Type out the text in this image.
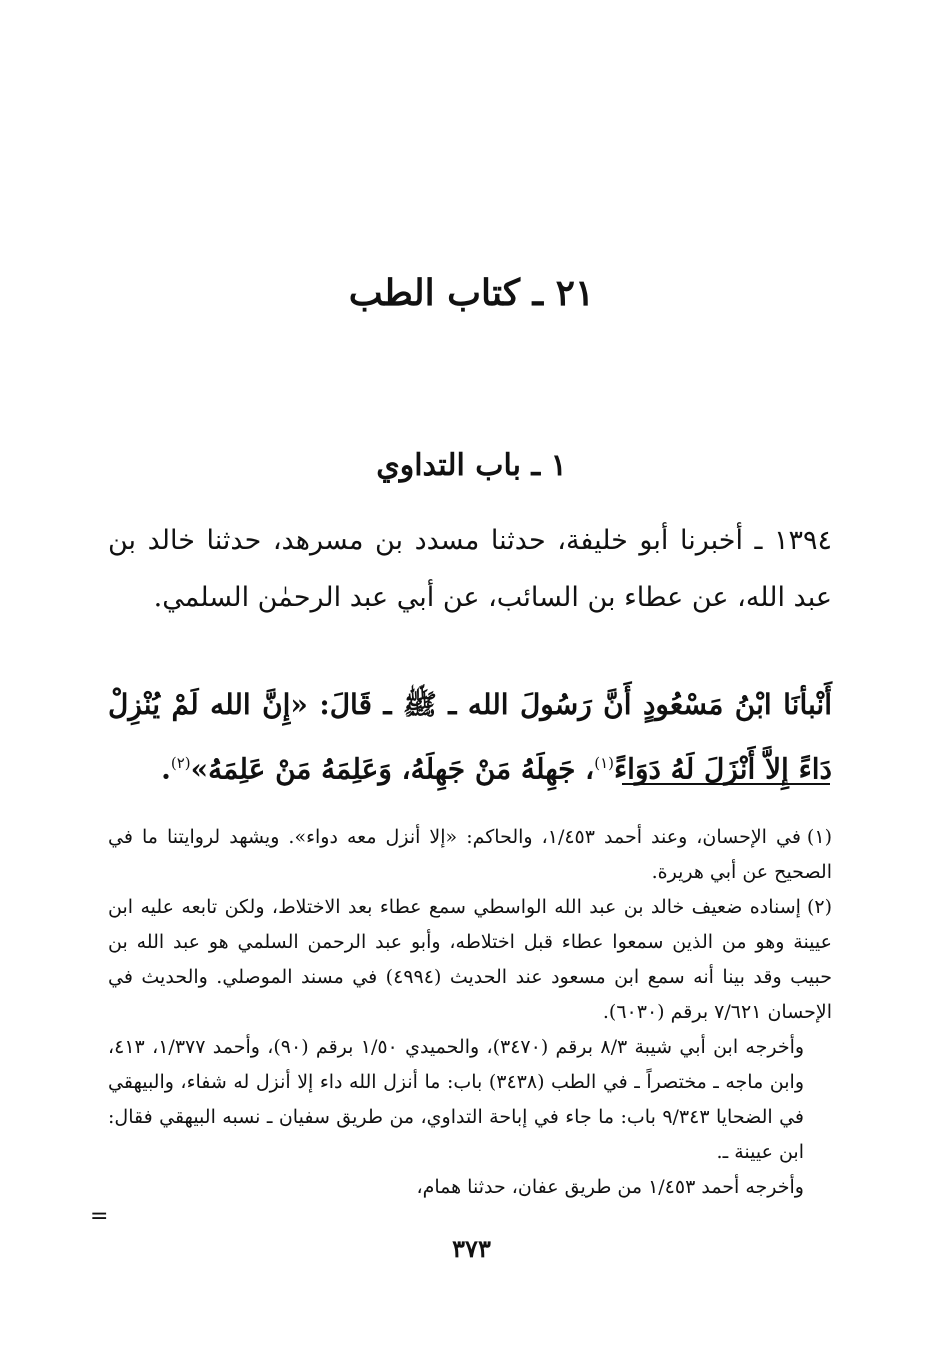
٢١ ـ كتاب الطب
١ ـ باب التداوي
١٣٩٤ ـ أخبرنا أبو خليفة، حدثنا مسدد بن مسرهد، حدثنا خالد بن عبد الله، عن عطاء بن السائب، عن أبي عبد الرحمٰن السلمي.
أَنْبأنَا ابْنُ مَسْعُودٍ أَنَّ رَسُولَ الله ـ ﷺ ـ قَالَ: «إِنَّ الله لَمْ يُنْزِلْ دَاءً إِلاَّ أَنْزَلَ لَهُ دَوَاءً$^{(١)}$، جَهِلَهُ مَنْ جَهِلَهُ، وَعَلِمَهُ مَنْ عَلِمَهُ»$^{(٢)}$.

(١)في الإحسان، وعند أحمد ١/٤٥٣، والحاكم: «إلا أنزل معه دواء». ويشهد لروايتنا ما في الصحيح عن أبي هريرة.

(٢)إسناده ضعيف خالد بن عبد الله الواسطي سمع عطاء بعد الاختلاط، ولكن تابعه عليه ابن عيينة وهو من الذين سمعوا عطاء قبل اختلاطه، وأبو عبد الرحمن السلمي هو عبد الله بن حبيب وقد بينا أنه سمع ابن مسعود عند الحديث (٤٩٩٤) في مسند الموصلي. والحديث في الإحسان ٧/٦٢١ برقم (٦٠٣٠).

وأخرجه ابن أبي شيبة ٨/٣ برقم (٣٤٧٠)، والحميدي ١/٥٠ برقم (٩٠)، وأحمد ١/٣٧٧، ٤١٣، وابن ماجه ـ مختصراً ـ في الطب (٣٤٣٨) باب: ما أنزل الله داء إلا أنزل له شفاء، والبيهقي في الضحايا ٩/٣٤٣ باب: ما جاء في إباحة التداوي، من طريق سفيان ـ نسبه البيهقي فقال: ابن عيينة ـ.

وأخرجه أحمد ١/٤٥٣ من طريق عفان، حدثنا همام،

=
٣٧٣
